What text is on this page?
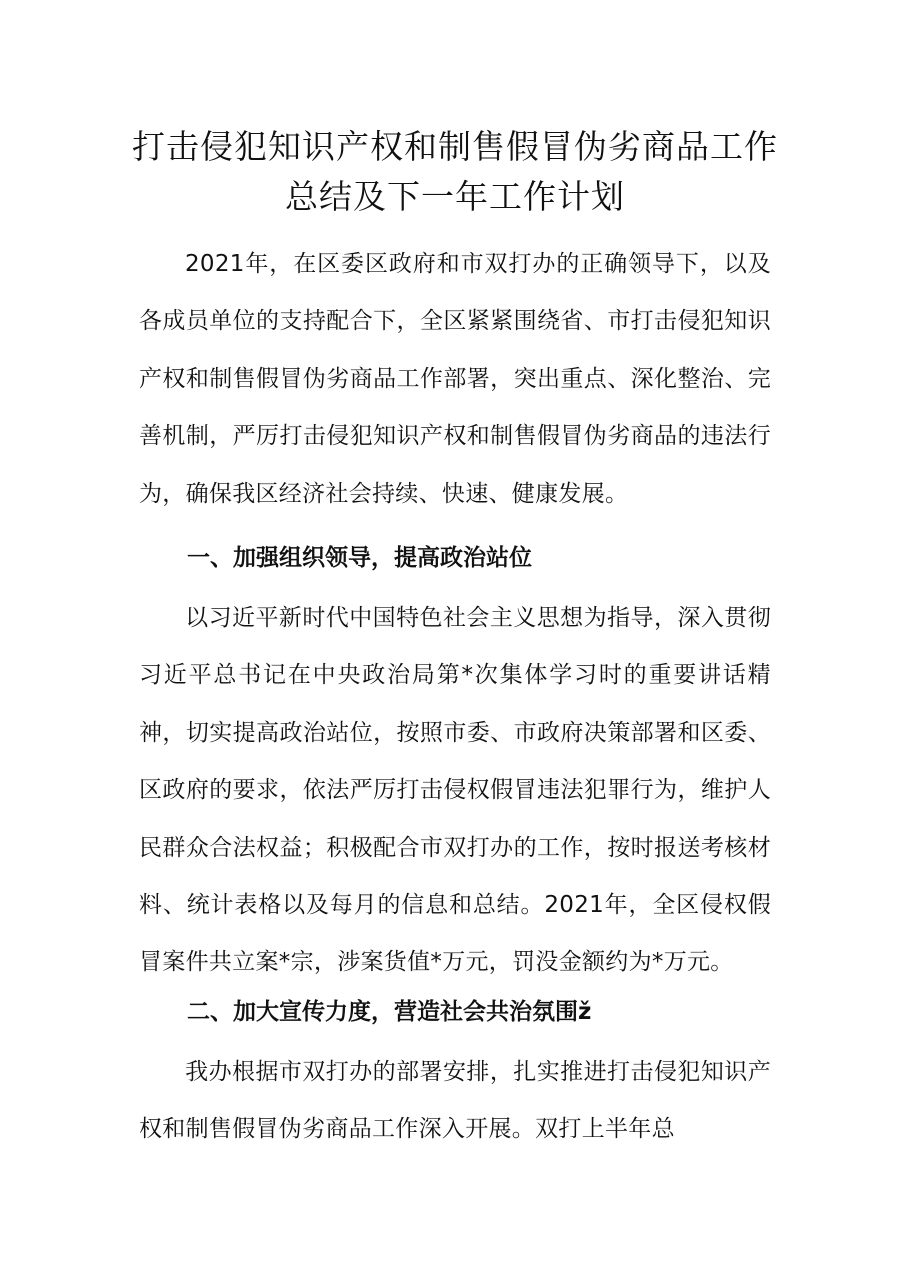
打击侵犯知识产权和制售假冒伪劣商品工作总结及下一年工作计划

2021年，在区委区政府和市双打办的正确领导下，以及各成员单位的支持配合下，全区紧紧围绕省、市打击侵犯知识产权和制售假冒伪劣商品工作部署，突出重点、深化整治、完善机制，严厉打击侵犯知识产权和制售假冒伪劣商品的违法行为，确保我区经济社会持续、快速、健康发展。

一、加强组织领导，提高政治站位

以习近平新时代中国特色社会主义思想为指导，深入贯彻习近平总书记在中央政治局第*次集体学习时的重要讲话精神，切实提高政治站位，按照市委、市政府决策部署和区委、区政府的要求，依法严厉打击侵权假冒违法犯罪行为，维护人民群众合法权益；积极配合市双打办的工作，按时报送考核材料、统计表格以及每月的信息和总结。2021年，全区侵权假冒案件共立案*宗，涉案货值*万元，罚没金额约为*万元。

二、加大宣传力度，营造社会共治氛围ž

我办根据市双打办的部署安排，扎实推进打击侵犯知识产权和制售假冒伪劣商品工作深入开展。双打上半年总
